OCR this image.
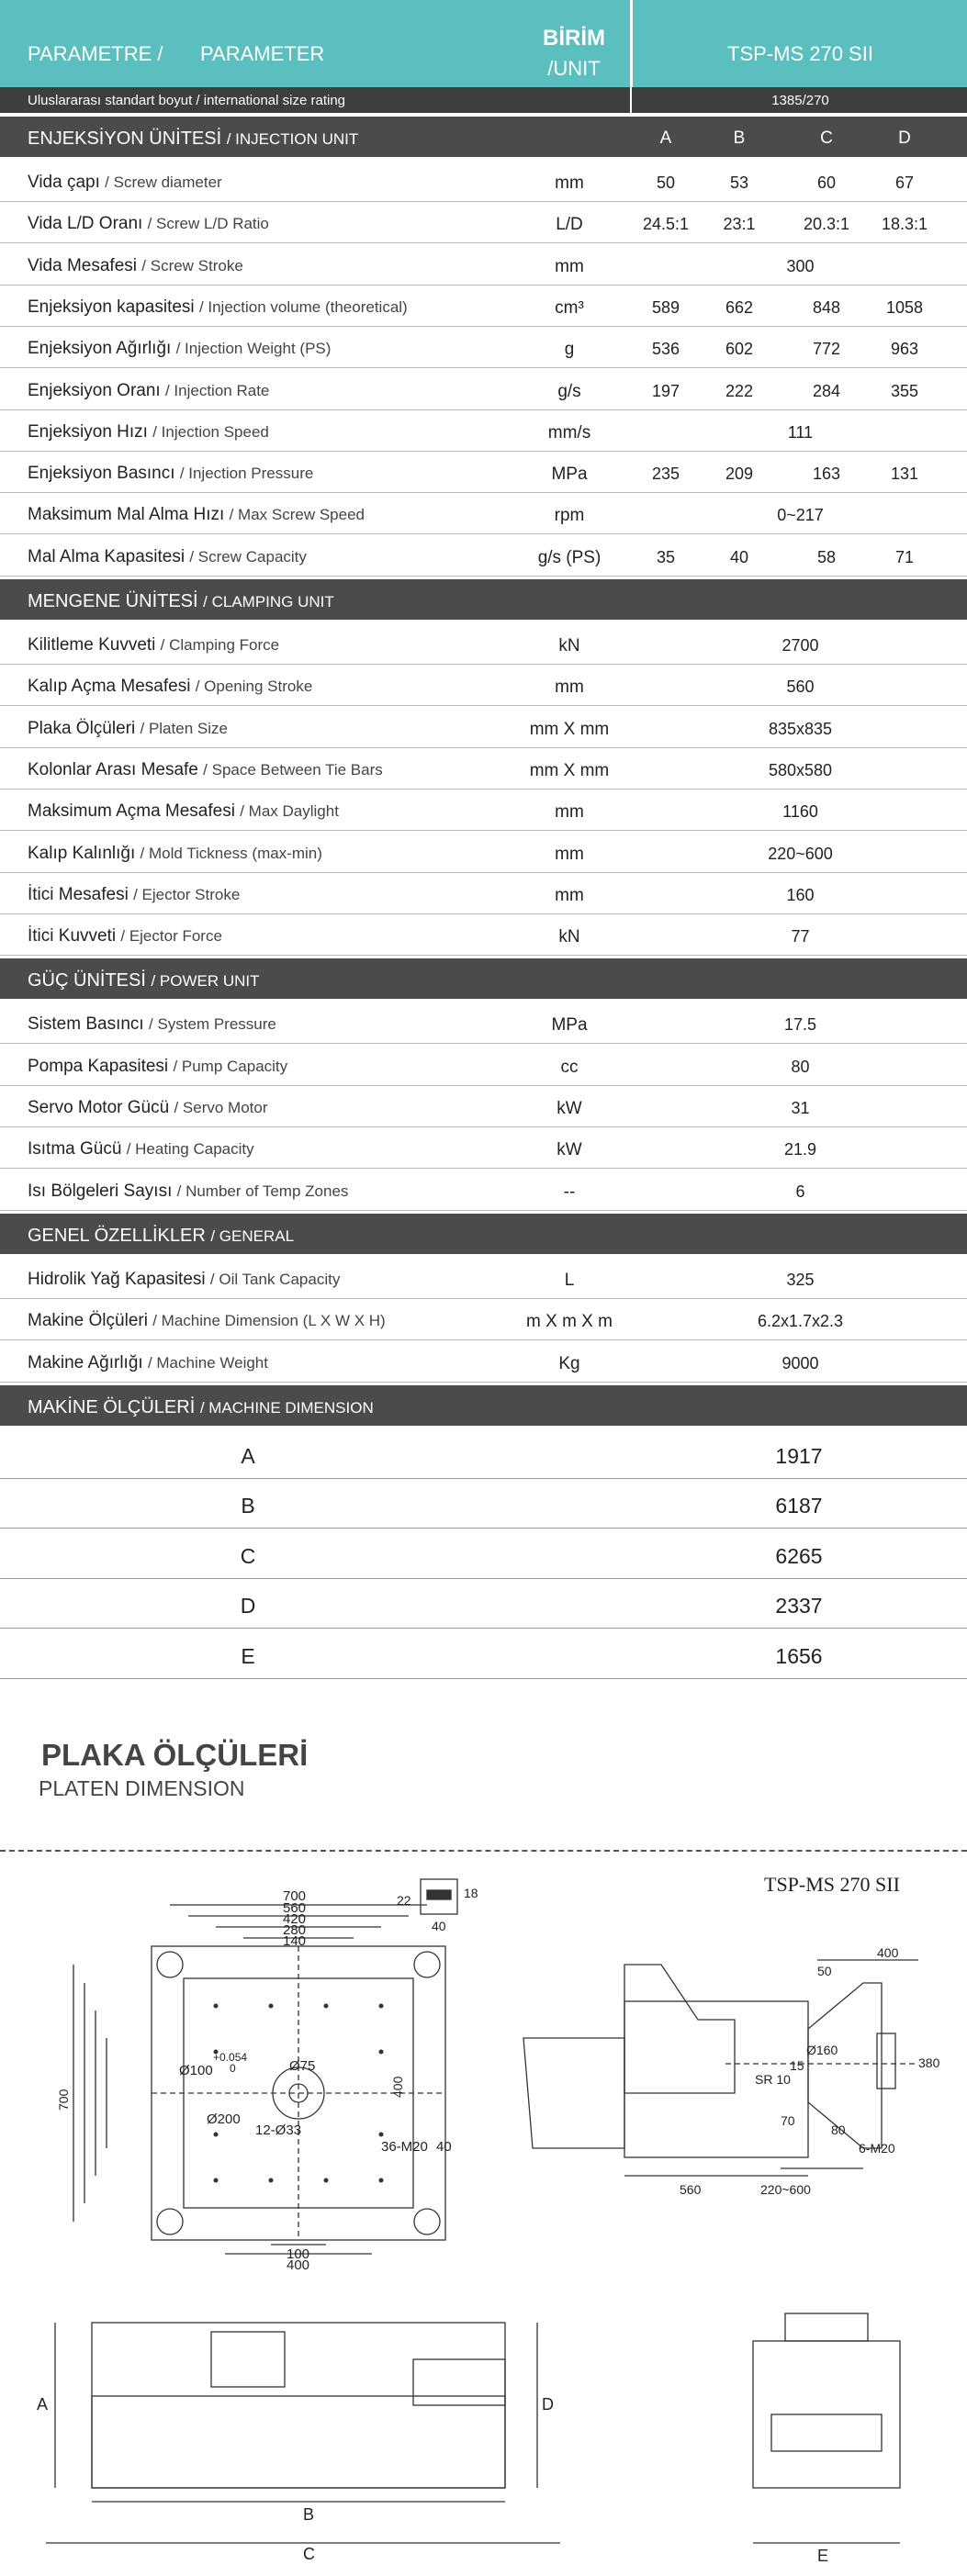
PARAMETRE / PARAMETER
BİRİM
/UNIT
TSP-MS 270 SII
Uluslararası standart boyut / international size rating	1385/270
ENJEKSİYON ÜNİTESİ / INJECTION UNIT	A	B	C	D
Vida çapı / Screw diameter	mm	50	53	60	67
Vida L/D Oranı / Screw L/D Ratio	L/D	24.5:1	23:1	20.3:1	18.3:1
Vida Mesafesi / Screw Stroke	mm	300
Enjeksiyon kapasitesi / Injection volume (theoretical)	cm³	589	662	848	1058
Enjeksiyon Ağırlığı / Injection Weight (PS)	g	536	602	772	963
Enjeksiyon Oranı / Injection Rate	g/s	197	222	284	355
Enjeksiyon Hızı / Injection Speed	mm/s	111
Enjeksiyon Basıncı / Injection Pressure	MPa	235	209	163	131
Maksimum Mal Alma Hızı / Max Screw Speed	rpm	0~217
Mal Alma Kapasitesi / Screw Capacity	g/s (PS)	35	40	58	71
MENGENE ÜNİTESİ / CLAMPING UNIT
Kilitleme Kuvveti / Clamping Force	kN	2700
Kalıp Açma Mesafesi / Opening Stroke	mm	560
Plaka Ölçüleri / Platen Size	mm X mm	835x835
Kolonlar Arası Mesafe / Space Between Tie Bars	mm X mm	580x580
Maksimum Açma Mesafesi / Max Daylight	mm	1160
Kalıp Kalınlığı / Mold Tickness (max-min)	mm	220~600
İtici Mesafesi / Ejector Stroke	mm	160
İtici Kuvveti / Ejector Force	kN	77
GÜÇ ÜNİTESİ / POWER UNIT
Sistem Basıncı / System Pressure	MPa	17.5
Pompa Kapasitesi / Pump Capacity	cc	80
Servo Motor Gücü / Servo Motor	kW	31
Isıtma Gücü / Heating Capacity	kW	21.9
Isı Bölgeleri Sayısı / Number of Temp Zones	--	6
GENEL ÖZELLİKLER / GENERAL
Hidrolik Yağ Kapasitesi / Oil Tank Capacity	L	325
Makine Ölçüleri / Machine Dimension (L X W X H)	m X m X m	6.2x1.7x2.3
Makine Ağırlığı / Machine Weight	Kg	9000
MAKİNE ÖLÇÜLERİ / MACHINE DIMENSION
A	1917
B	6187
C	6265
D	2337
E	1656
PLAKA ÖLÇÜLERİ
PLATEN DIMENSION
TSP-MS 270 SII
700
560
420
280
140
Ø100
+0.054
0	Ø75
Ø200
12-Ø33
36-M20 40
100
400
700
400
22	18
40
400
50
Ø160
SR 10
15	380
70
80
6-M20
560	220~600
A
B
C
D
E
